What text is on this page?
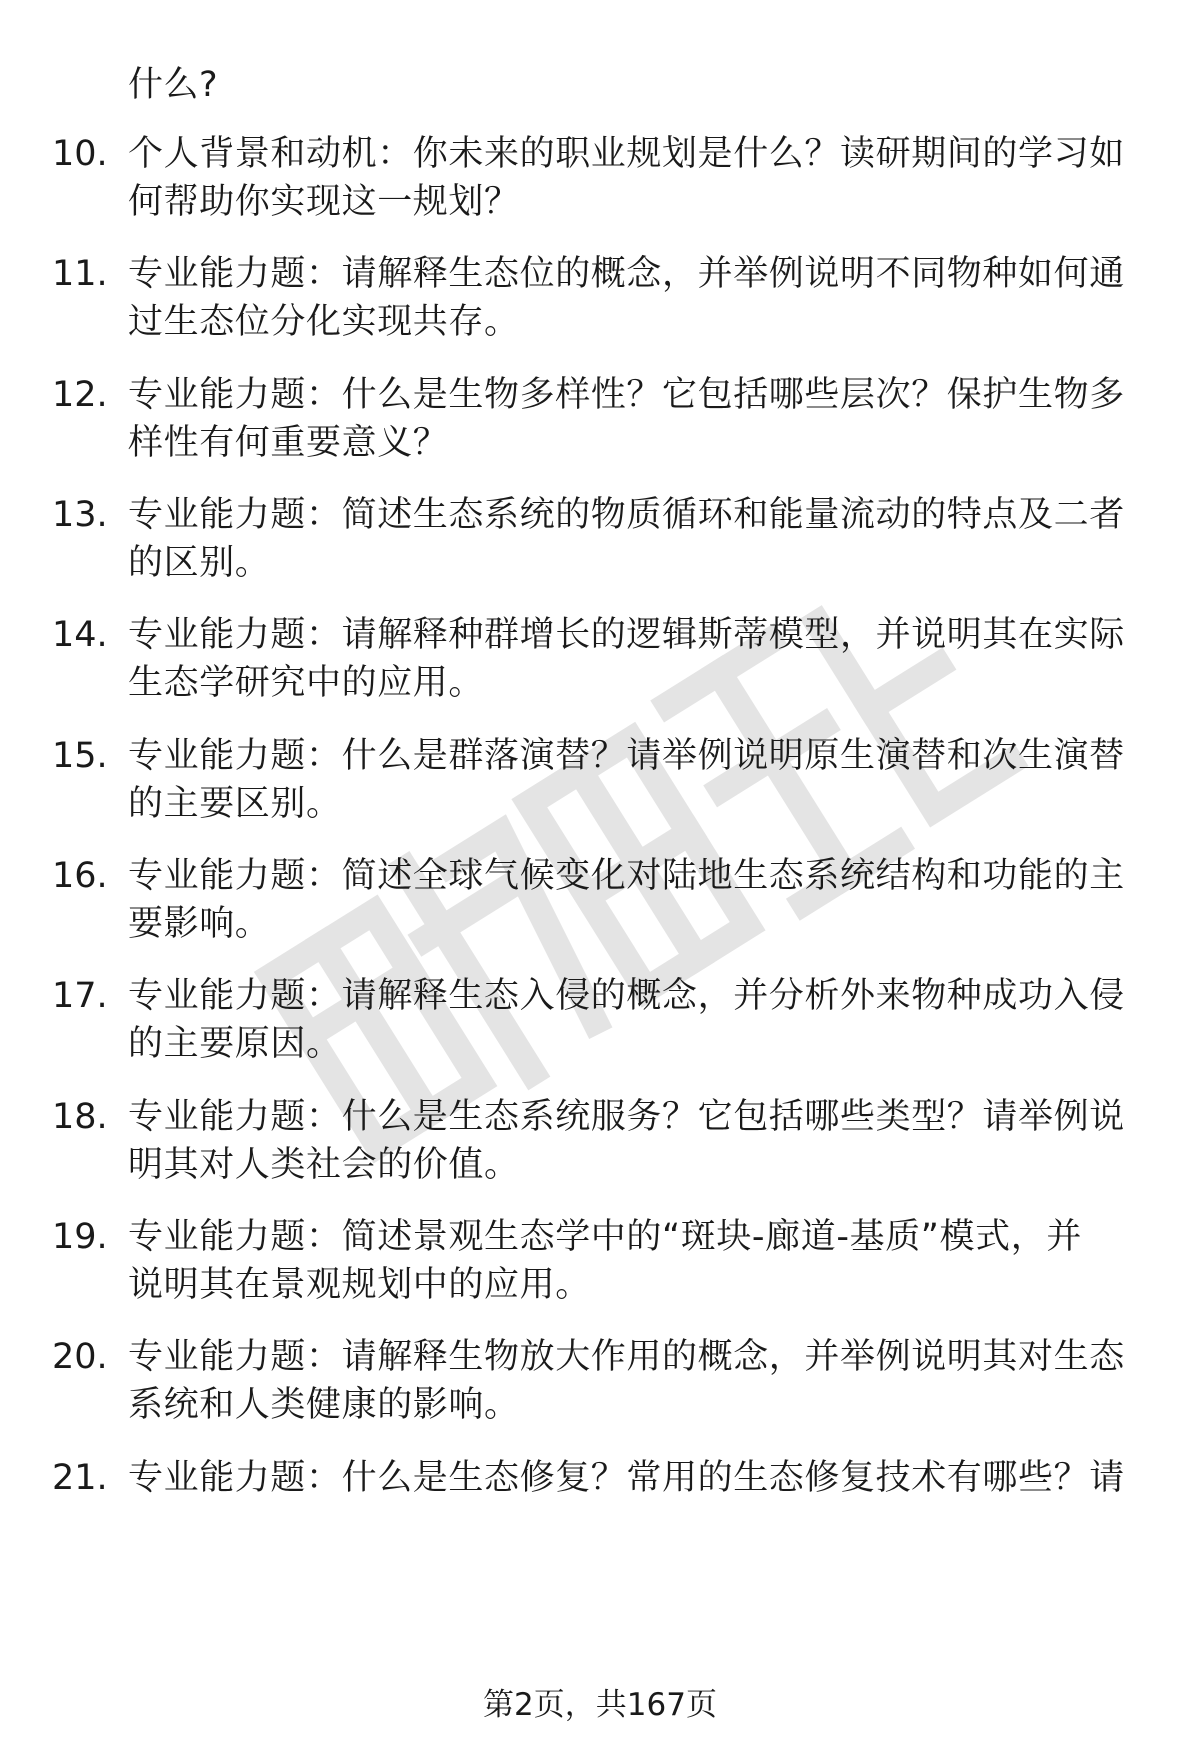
什么?
10. 个人背景和动机：你未来的职业规划是什么？读研期间的学习如
何帮助你实现这一规划？
11. 专业能力题：请解释生态位的概念，并举例说明不同物种如何通
过生态位分化实现共存。
12. 专业能力题：什么是生物多样性？它包括哪些层次？保护生物多
样性有何重要意义？
13. 专业能力题：简述生态系统的物质循环和能量流动的特点及二者
的区别。
14. 专业能力题：请解释种群增长的逻辑斯蒂模型，并说明其在实际
生态学研究中的应用。
15. 专业能力题：什么是群落演替？请举例说明原生演替和次生演替
的主要区别。
16. 专业能力题：简述全球气候变化对陆地生态系统结构和功能的主
要影响。
17. 专业能力题：请解释生态入侵的概念，并分析外来物种成功入侵
的主要原因。
18. 专业能力题：什么是生态系统服务？它包括哪些类型？请举例说
明其对人类社会的价值。
19. 专业能力题：简述景观生态学中的“斑块-廊道-基质”模式，并
说明其在景观规划中的应用。
20. 专业能力题：请解释生物放大作用的概念，并举例说明其对生态
系统和人类健康的影响。
21. 专业能力题：什么是生态修复？常用的生态修复技术有哪些？请
第2页，共167页
